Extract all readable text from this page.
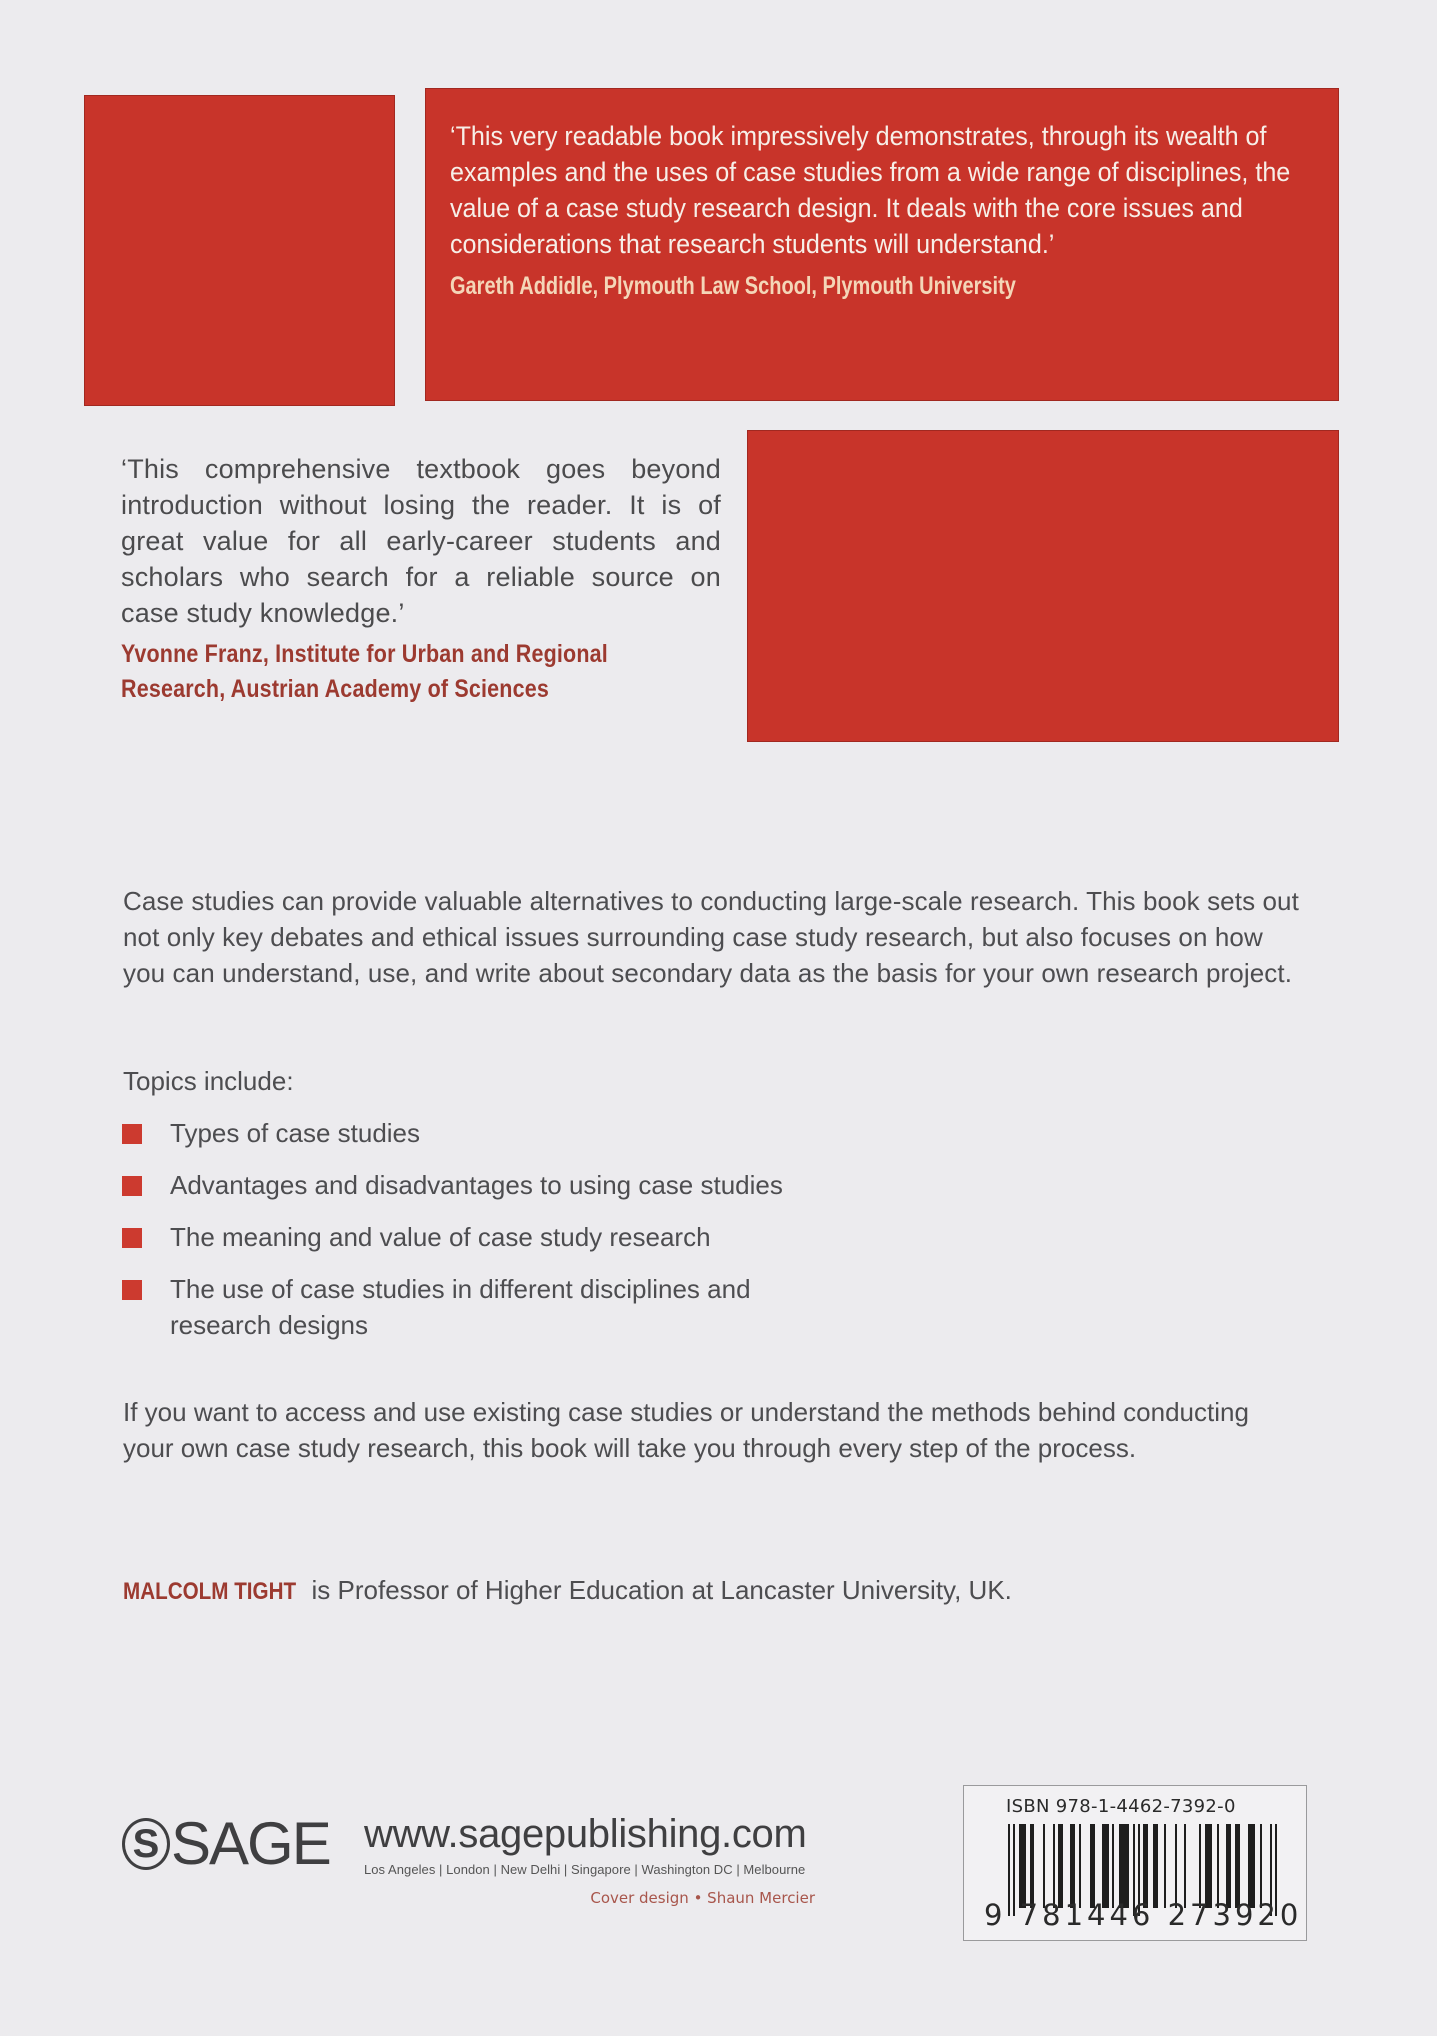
‘This very readable book impressively demonstrates, through its wealth of examples and the uses of case studies from a wide range of disciplines, the value of a case study research design. It deals with the core issues and considerations that research students will understand.’
Gareth Addidle, Plymouth Law School, Plymouth University
‘This comprehensive textbook goes beyond introduction without losing the reader. It is of great value for all early-career students and scholars who search for a reliable source on case study knowledge.’
Yvonne Franz, Institute for Urban and Regional
Research, Austrian Academy of Sciences
Case studies can provide valuable alternatives to conducting large-scale research. This book sets out not only key debates and ethical issues surrounding case study research, but also focuses on how you can understand, use, and write about secondary data as the basis for your own research project.
Topics include:
Types of case studies
Advantages and disadvantages to using case studies
The meaning and value of case study research
The use of case studies in different disciplines and research designs
If you want to access and use existing case studies or understand the methods behind conducting your own case study research, this book will take you through every step of the process.
MALCOLM TIGHT is Professor of Higher Education at Lancaster University, UK.
S SAGE www.sagepublishing.com
Los Angeles | London | New Delhi | Singapore | Washington DC | Melbourne
Cover design • Shaun Mercier
ISBN 978-1-4462-7392-0
9 781446 273920
